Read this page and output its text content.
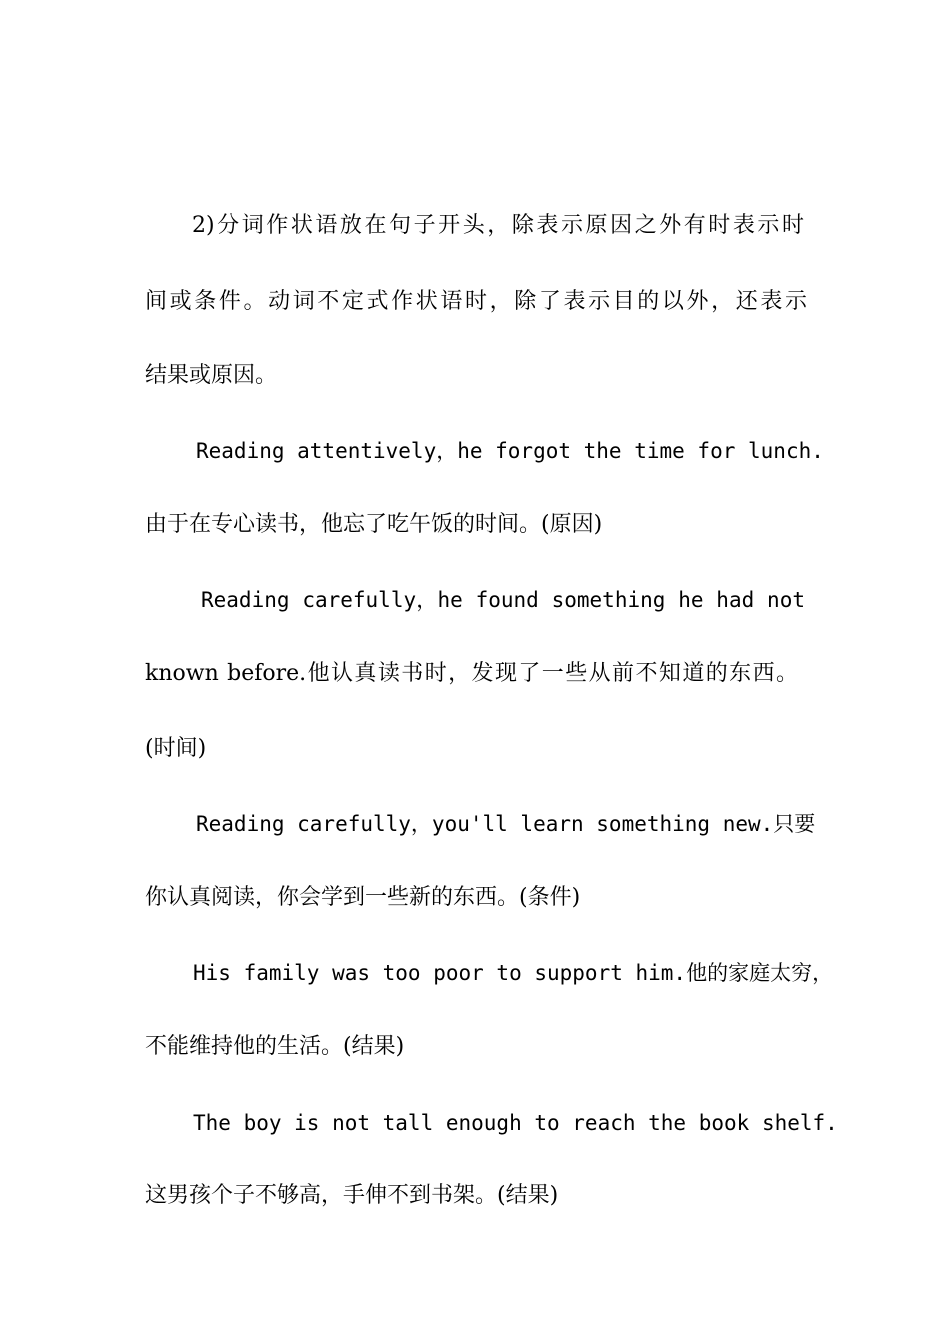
2)分词作状语放在句子开头，除表示原因之外有时表示时

间或条件。动词不定式作状语时，除了表示目的以外，还表示

结果或原因。

Reading attentively，he forgot the time for lunch.

由于在专心读书，他忘了吃午饭的时间。(原因)

Reading carefully，he found something he had not

known before.他认真读书时，发现了一些从前不知道的东西。

(时间)

Reading carefully，you'll learn something new.只要

你认真阅读，你会学到一些新的东西。(条件)

His family was too poor to support him.他的家庭太穷，

不能维持他的生活。(结果)

The boy is not tall enough to reach the book shelf.

这男孩个子不够高，手伸不到书架。(结果)
